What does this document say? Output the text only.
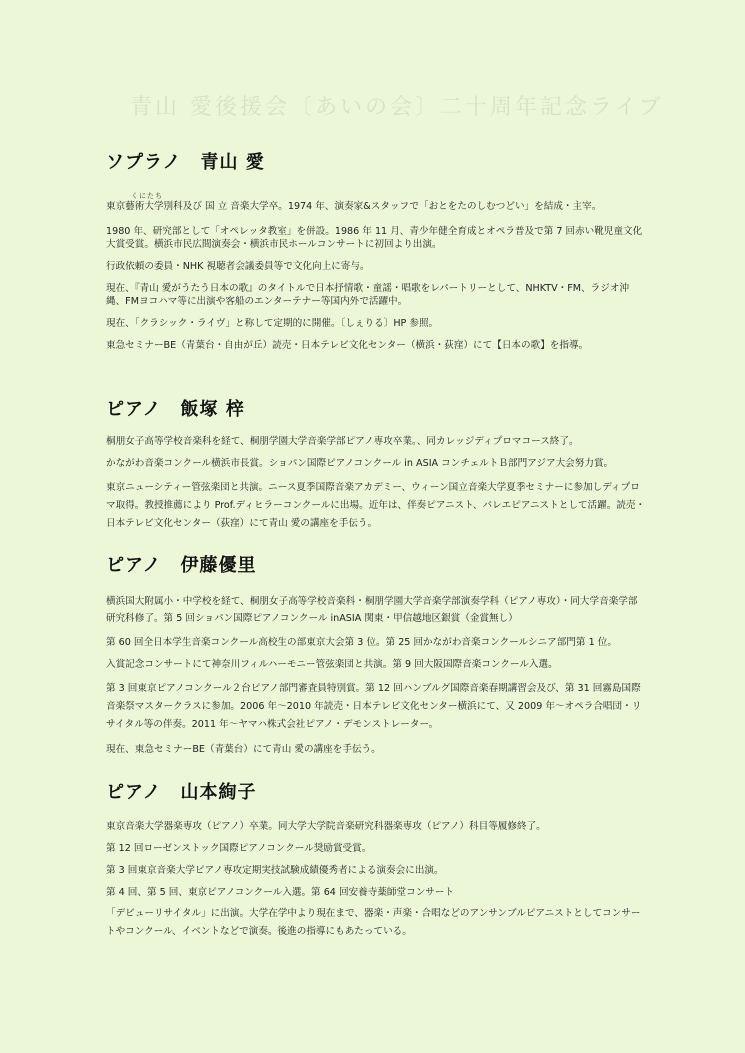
青山 愛後援会〔あいの会〕二十周年記念ライブ
くにたち
ソプラノ　青山 愛

東京藝術大学別科及び 国 立 音楽大学卒。1974 年、演奏家&スタッフで「おとをたのしむつどい」を結成・主宰。

1980 年、研究部として「オペレッタ教室」を併設。1986 年 11 月、青少年健全育成とオペラ普及で第 7 回赤い靴児童文化大賞受賞。横浜市民広間演奏会・横浜市民ホールコンサートに初回より出演。

行政依頼の委員・NHK 視聴者会議委員等で文化向上に寄与。

現在、『青山 愛がうたう日本の歌』のタイトルで日本抒情歌・童謡・唱歌をレパートリーとして、NHKTV・FM、ラジオ沖縄、FMヨコハマ等に出演や客船のエンターテナー等国内外で活躍中。

現在、「クラシック・ライヴ」と称して定期的に開催。〔しぇりる〕HP 参照。

東急セミナーBE（青葉台・自由が丘）読売・日本テレビ文化センター（横浜・荻窪）にて【日本の歌】を指導。

ピアノ　飯塚 梓

桐朋女子高等学校音楽科を経て、桐朋学園大学音楽学部ピアノ専攻卒業。、同カレッジディプロマコース終了。

かながわ音楽コンクール横浜市長賞。ショパン国際ピアノコンクール in ASIA コンチェルトＢ部門アジア大会努力賞。

東京ニューシティー管弦楽団と共演。ニース夏季国際音楽アカデミー、ウィーン国立音楽大学夏季セミナーに参加しディプロマ取得。教授推薦により Prof.ディヒラーコンクールに出場。近年は、伴奏ピアニスト、バレエピアニストとして活躍。読売・日本テレビ文化センター（荻窪）にて青山 愛の講座を手伝う。

ピアノ　伊藤優里

横浜国大附属小・中学校を経て、桐朋女子高等学校音楽科・桐朋学園大学音楽学部演奏学科（ピアノ専攻）・同大学音楽学部研究科修了。第 5 回ショパン国際ピアノコンクール inASIA 関東・甲信越地区銀賞（金賞無し）

第 60 回全日本学生音楽コンクール高校生の部東京大会第 3 位。第 25 回かながわ音楽コンクールシニア部門第 1 位。

入賞記念コンサートにて神奈川フィルハーモニー管弦楽団と共演。第 9 回大阪国際音楽コンクール入選。

第 3 回東京ピアノコンクール２台ピアノ部門審査員特別賞。第 12 回ハンブルグ国際音楽春期講習会及び、第 31 回霧島国際音楽祭マスタークラスに参加。2006 年〜2010 年読売・日本テレビ文化センター横浜にて、又 2009 年〜オペラ合唱団・リサイタル等の伴奏。2011 年〜ヤマハ株式会社ピアノ・デモンストレーター。

現在、東急セミナーBE（青葉台）にて青山 愛の講座を手伝う。

ピアノ　山本絢子

東京音楽大学器楽専攻（ピアノ）卒業。同大学大学院音楽研究科器楽専攻（ピアノ）科目等履修終了。

第 12 回ローゼンストック国際ピアノコンクール奨励賞受賞。

第 3 回東京音楽大学ピアノ専攻定期実技試験成績優秀者による演奏会に出演。

第 4 回、第 5 回、東京ピアノコンクール入選。第 64 回安養寺薬師堂コンサート

「デビューリサイタル」に出演。大学在学中より現在まで、器楽・声楽・合唱などのアンサンブルピアニストとしてコンサートやコンクール、イベントなどで演奏。後進の指導にもあたっている。
